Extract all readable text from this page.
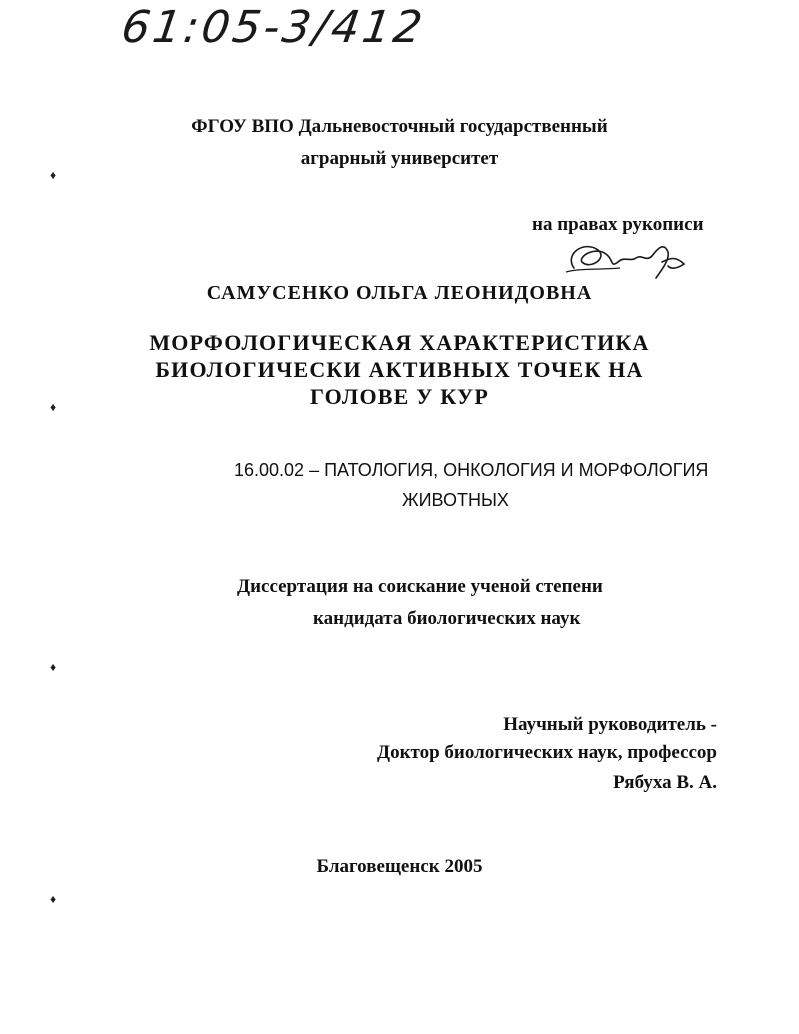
61:05-3/412
ФГОУ ВПО Дальневосточный государственный
аграрный университет
на правах рукописи
САМУСЕНКО ОЛЬГА ЛЕОНИДОВНА
МОРФОЛОГИЧЕСКАЯ ХАРАКТЕРИСТИКА
БИОЛОГИЧЕСКИ АКТИВНЫХ ТОЧЕК НА
ГОЛОВЕ У КУР
16.00.02 – ПАТОЛОГИЯ, ОНКОЛОГИЯ И МОРФОЛОГИЯ
ЖИВОТНЫХ
Диссертация на соискание ученой степени
кандидата биологических наук
Научный руководитель -
Доктор биологических наук, профессор
Рябуха В. А.
Благовещенск 2005
♦
♦
♦
♦
